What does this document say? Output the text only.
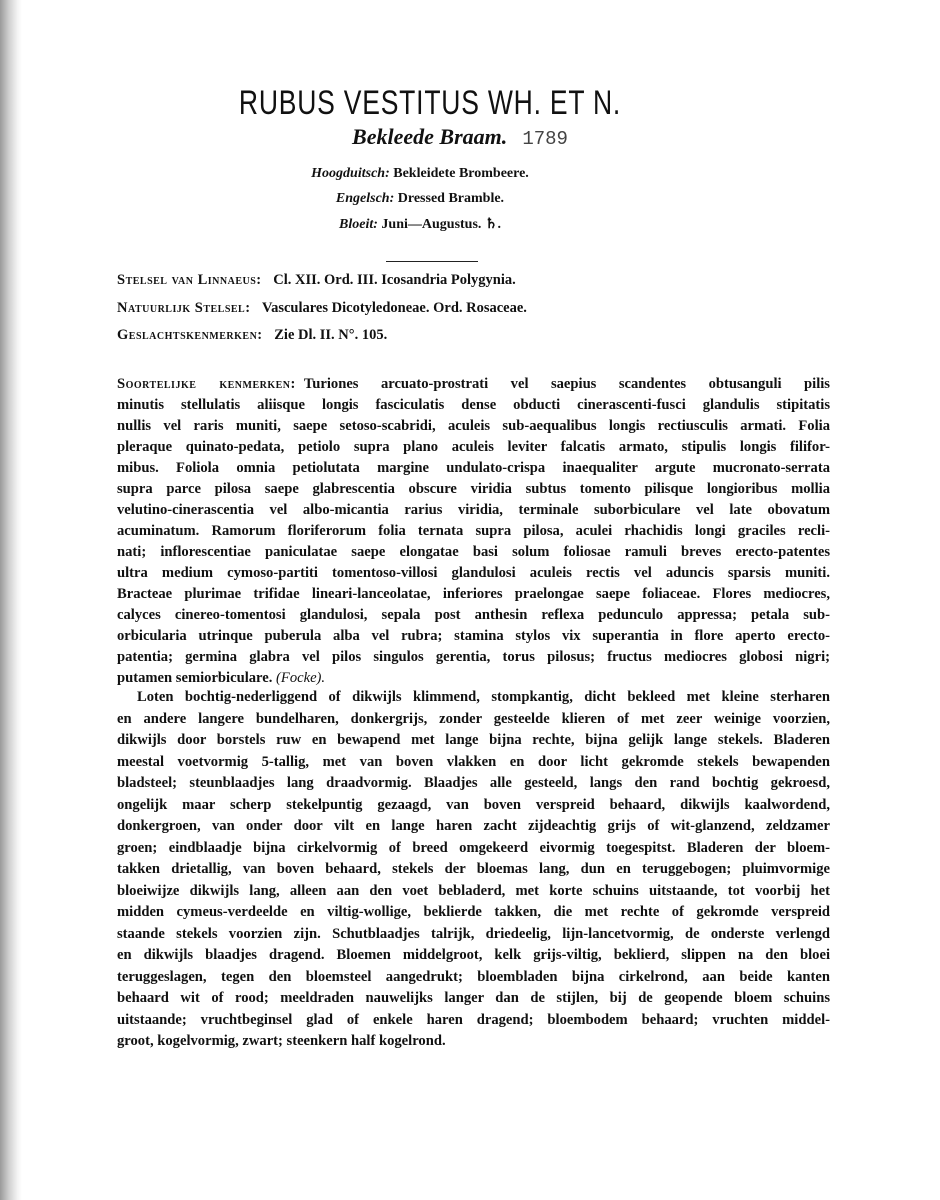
RUBUS VESTITUS WH. ET N.
Bekleede Braam. 1789
Hoogduitsch: Bekleidete Brombeere.
Engelsch: Dressed Bramble.
Bloeit: Juni—Augustus. ♄.
Stelsel van Linnaeus: Cl. XII. Ord. III. Icosandria Polygynia.
Natuurlijk Stelsel: Vasculares Dicotyledoneae. Ord. Rosaceae.
Geslachtskenmerken: Zie Dl. II. N°. 105.
Soortelijke kenmerken: Turiones arcuato-prostrati vel saepius scandentes obtusanguli pilis
minutis stellulatis aliisque longis fasciculatis dense obducti cinerascenti-fusci glandulis stipitatis
nullis vel raris muniti, saepe setoso-scabridi, aculeis sub-aequalibus longis rectiusculis armati. Folia
pleraque quinato-pedata, petiolo supra plano aculeis leviter falcatis armato, stipulis longis filifor-
mibus. Foliola omnia petiolutata margine undulato-crispa inaequaliter argute mucronato-serrata
supra parce pilosa saepe glabrescentia obscure viridia subtus tomento pilisque longioribus mollia
velutino-cinerascentia vel albo-micantia rarius viridia, terminale suborbiculare vel late obovatum
acuminatum. Ramorum floriferorum folia ternata supra pilosa, aculei rhachidis longi graciles recli-
nati; inflorescentiae paniculatae saepe elongatae basi solum foliosae ramuli breves erecto-patentes
ultra medium cymoso-partiti tomentoso-villosi glandulosi aculeis rectis vel aduncis sparsis muniti.
Bracteae plurimae trifidae lineari-lanceolatae, inferiores praelongae saepe foliaceae. Flores mediocres,
calyces cinereo-tomentosi glandulosi, sepala post anthesin reflexa pedunculo appressa; petala sub-
orbicularia utrinque puberula alba vel rubra; stamina stylos vix superantia in flore aperto erecto-
patentia; germina glabra vel pilos singulos gerentia, torus pilosus; fructus mediocres globosi nigri;
putamen semiorbiculare. (Focke).
Loten bochtig-nederliggend of dikwijls klimmend, stompkantig, dicht bekleed met kleine sterharen
en andere langere bundelharen, donkergrijs, zonder gesteelde klieren of met zeer weinige voorzien,
dikwijls door borstels ruw en bewapend met lange bijna rechte, bijna gelijk lange stekels. Bladeren
meestal voetvormig 5-tallig, met van boven vlakken en door licht gekromde stekels bewapenden
bladsteel; steunblaadjes lang draadvormig. Blaadjes alle gesteeld, langs den rand bochtig gekroesd,
ongelijk maar scherp stekelpuntig gezaagd, van boven verspreid behaard, dikwijls kaalwordend,
donkergroen, van onder door vilt en lange haren zacht zijdeachtig grijs of wit-glanzend, zeldzamer
groen; eindblaadje bijna cirkelvormig of breed omgekeerd eivormig toegespitst. Bladeren der bloem-
takken drietallig, van boven behaard, stekels der bloemas lang, dun en teruggebogen; pluimvormige
bloeiwijze dikwijls lang, alleen aan den voet bebladerd, met korte schuins uitstaande, tot voorbij het
midden cymeus-verdeelde en viltig-wollige, beklierde takken, die met rechte of gekromde verspreid
staande stekels voorzien zijn. Schutblaadjes talrijk, driedeelig, lijn-lancetvormig, de onderste verlengd
en dikwijls blaadjes dragend. Bloemen middelgroot, kelk grijs-viltig, beklierd, slippen na den bloei
teruggeslagen, tegen den bloemsteel aangedrukt; bloembladen bijna cirkelrond, aan beide kanten
behaard wit of rood; meeldraden nauwelijks langer dan de stijlen, bij de geopende bloem schuins
uitstaande; vruchtbeginsel glad of enkele haren dragend; bloembodem behaard; vruchten middel-
groot, kogelvormig, zwart; steenkern half kogelrond.
